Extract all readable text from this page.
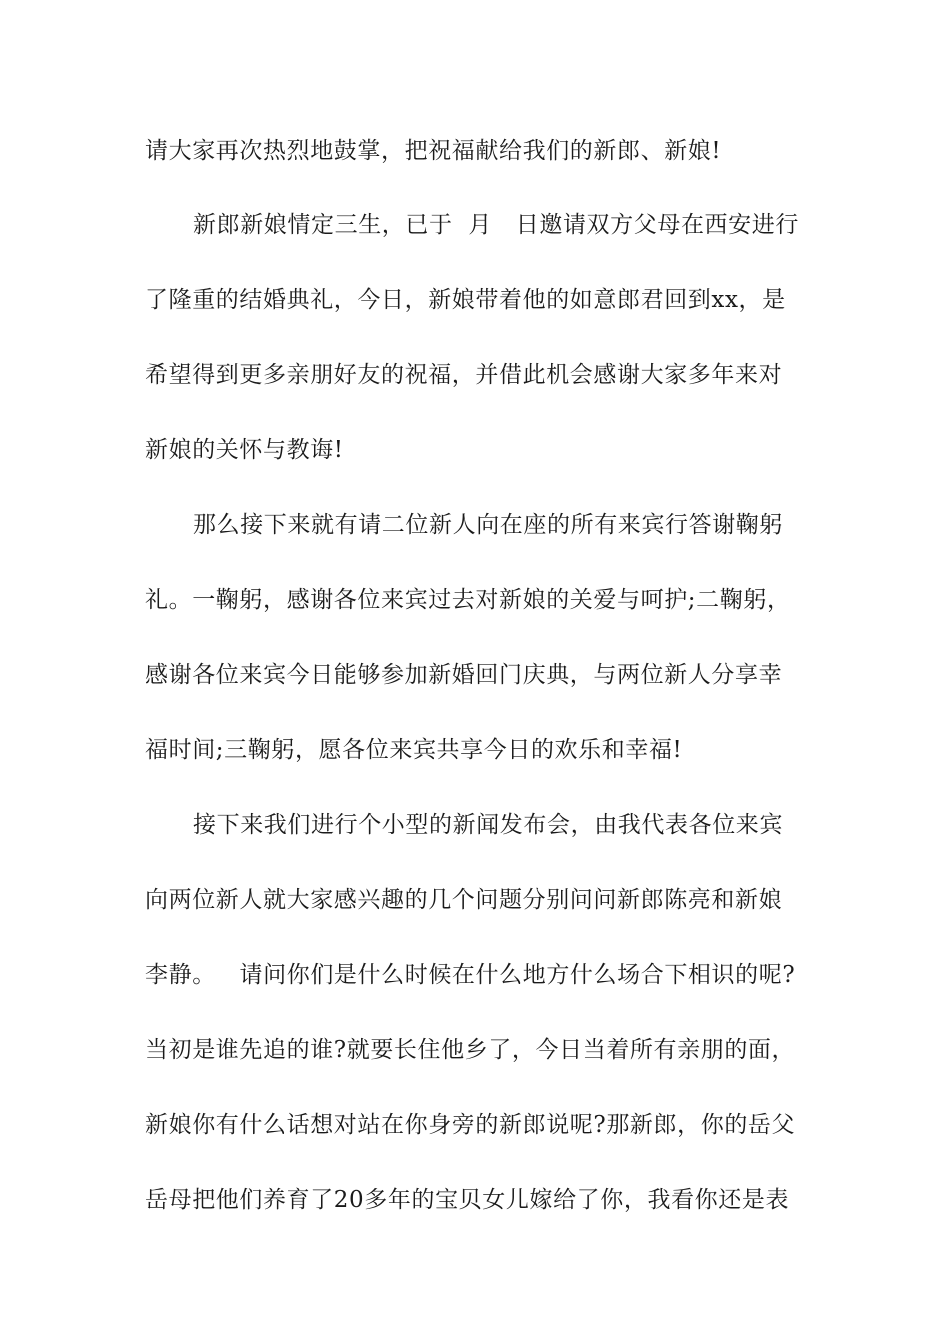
请大家再次热烈地鼓掌，把祝福献给我们的新郎、新娘!
新郎新娘情定三生，已于  月   日邀请双方父母在西安进行
了隆重的结婚典礼，今日，新娘带着他的如意郎君回到xx，是
希望得到更多亲朋好友的祝福，并借此机会感谢大家多年来对
新娘的关怀与教诲!
那么接下来就有请二位新人向在座的所有来宾行答谢鞠躬
礼。一鞠躬，感谢各位来宾过去对新娘的关爱与呵护;二鞠躬，
感谢各位来宾今日能够参加新婚回门庆典，与两位新人分享幸
福时间;三鞠躬，愿各位来宾共享今日的欢乐和幸福!
接下来我们进行个小型的新闻发布会，由我代表各位来宾
向两位新人就大家感兴趣的几个问题分别问问新郎陈亮和新娘
李静。   请问你们是什么时候在什么地方什么场合下相识的呢?
当初是谁先追的谁?就要长住他乡了，今日当着所有亲朋的面，
新娘你有什么话想对站在你身旁的新郎说呢?那新郎，你的岳父
岳母把他们养育了20多年的宝贝女儿嫁给了你，我看你还是表
